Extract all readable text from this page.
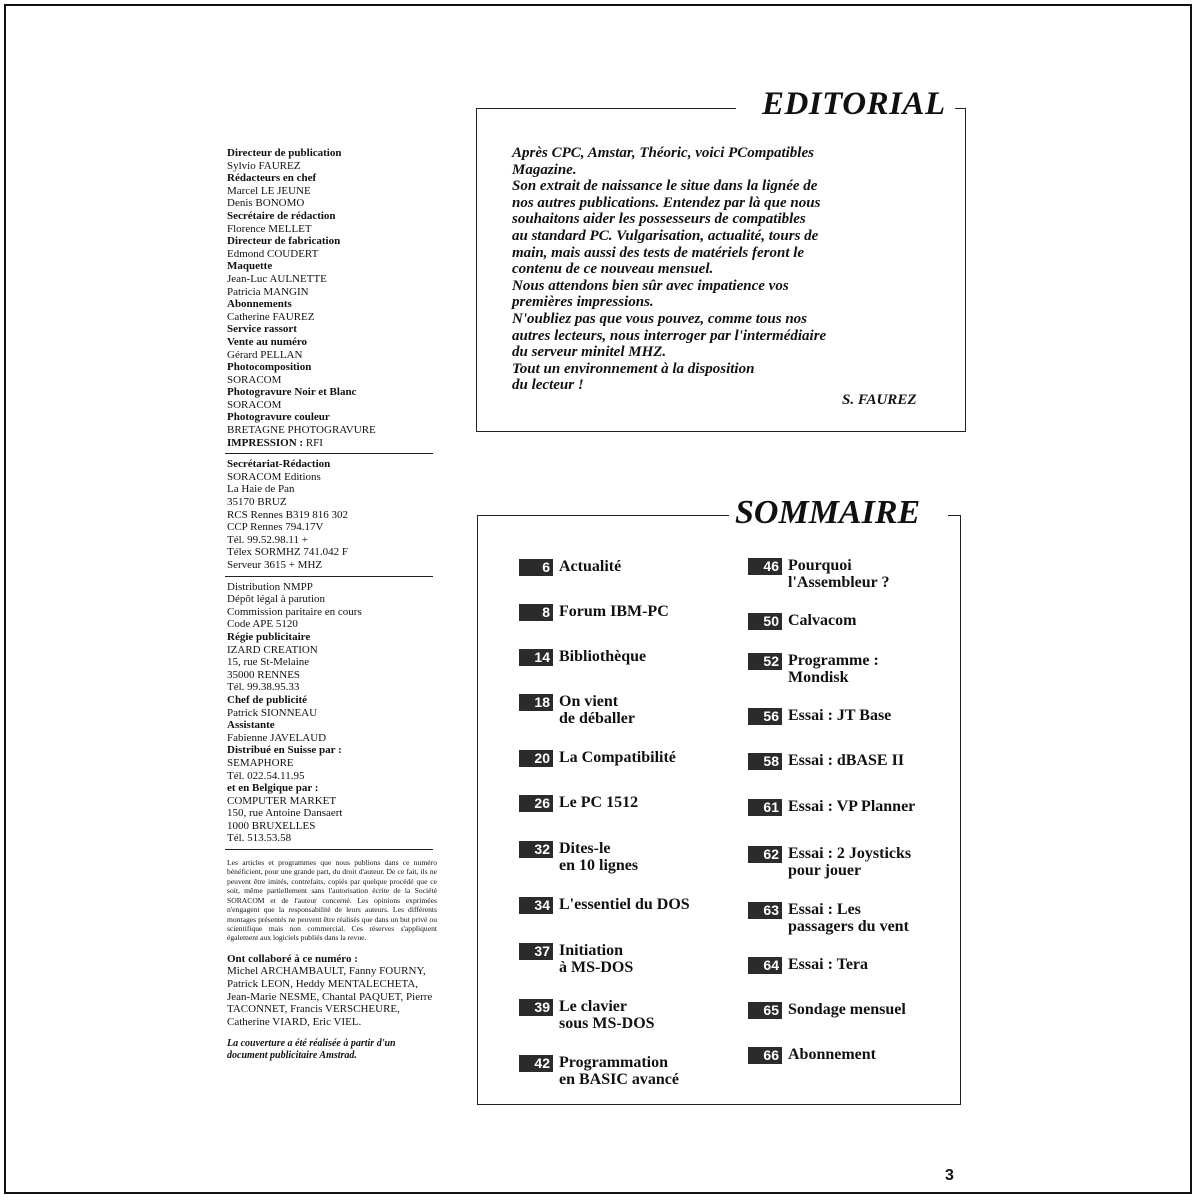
Directeur de publication
Sylvio FAUREZ
Rédacteurs en chef
Marcel LE JEUNE
Denis BONOMO
Secrétaire de rédaction
Florence MELLET
Directeur de fabrication
Edmond COUDERT
Maquette
Jean-Luc AULNETTE
Patricia MANGIN
Abonnements
Catherine FAUREZ
Service rassort
Vente au numéro
Gérard PELLAN
Photocomposition
SORACOM
Photogravure Noir et Blanc
SORACOM
Photogravure couleur
BRETAGNE PHOTOGRAVURE
IMPRESSION : RFI
Secrétariat-Rédaction
SORACOM Editions
La Haie de Pan
35170 BRUZ
RCS Rennes B319 816 302
CCP Rennes 794.17V
Tél. 99.52.98.11 +
Télex SORMHZ 741.042 F
Serveur 3615 + MHZ
Distribution NMPP
Dépôt légal à parution
Commission paritaire en cours
Code APE 5120
Régie publicitaire
IZARD CREATION
15, rue St-Melaine
35000 RENNES
Tél. 99.38.95.33
Chef de publicité
Patrick SIONNEAU
Assistante
Fabienne JAVELAUD
Distribué en Suisse par :
SEMAPHORE
Tél. 022.54.11.95
et en Belgique par :
COMPUTER MARKET
150, rue Antoine Dansaert
1000 BRUXELLES
Tél. 513.53.58
Les articles et programmes que nous publions dans ce numéro bénéficient, pour une grande part, du droit d'auteur. De ce fait, ils ne peuvent être imités, contrefaits, copiés par quelque procédé que ce soit, même partiellement sans l'autorisation écrite de la Société SORACOM et de l'auteur concerné. Les opinions exprimées n'engagent que la responsabilité de leurs auteurs. Les différents montages présentés ne peuvent être réalisés que dans un but privé ou scientifique mais non commercial. Ces réserves s'appliquent également aux logiciels publiés dans la revue.
Ont collaboré à ce numéro :
Michel ARCHAMBAULT, Fanny FOURNY, Patrick LEON, Heddy MENTALECHETA, Jean-Marie NESME, Chantal PAQUET, Pierre TACONNET, Francis VERSCHEURE, Catherine VIARD, Eric VIEL.
La couverture a été réalisée à partir d'un document publicitaire Amstrad.
EDITORIAL
Après CPC, Amstar, Théoric, voici PCompatibles
Magazine.
Son extrait de naissance le situe dans la lignée de
nos autres publications. Entendez par là que nous
souhaitons aider les possesseurs de compatibles
au standard PC. Vulgarisation, actualité, tours de
main, mais aussi des tests de matériels feront le
contenu de ce nouveau mensuel.
Nous attendons bien sûr avec impatience vos
premières impressions.
N'oubliez pas que vous pouvez, comme tous nos
autres lecteurs, nous interroger par l'intermédiaire
du serveur minitel MHZ.
Tout un environnement à la disposition
du lecteur !
S. FAUREZ
SOMMAIRE
6 Actualité
8 Forum IBM-PC
14 Bibliothèque
18 On vient
de déballer
20 La Compatibilité
26 Le PC 1512
32 Dites-le
en 10 lignes
34 L'essentiel du DOS
37 Initiation
à MS-DOS
39 Le clavier
sous MS-DOS
42 Programmation
en BASIC avancé
46 Pourquoi
l'Assembleur ?
50 Calvacom
52 Programme :
Mondisk
56 Essai : JT Base
58 Essai : dBASE II
61 Essai : VP Planner
62 Essai : 2 Joysticks
pour jouer
63 Essai : Les
passagers du vent
64 Essai : Tera
65 Sondage mensuel
66 Abonnement
3
